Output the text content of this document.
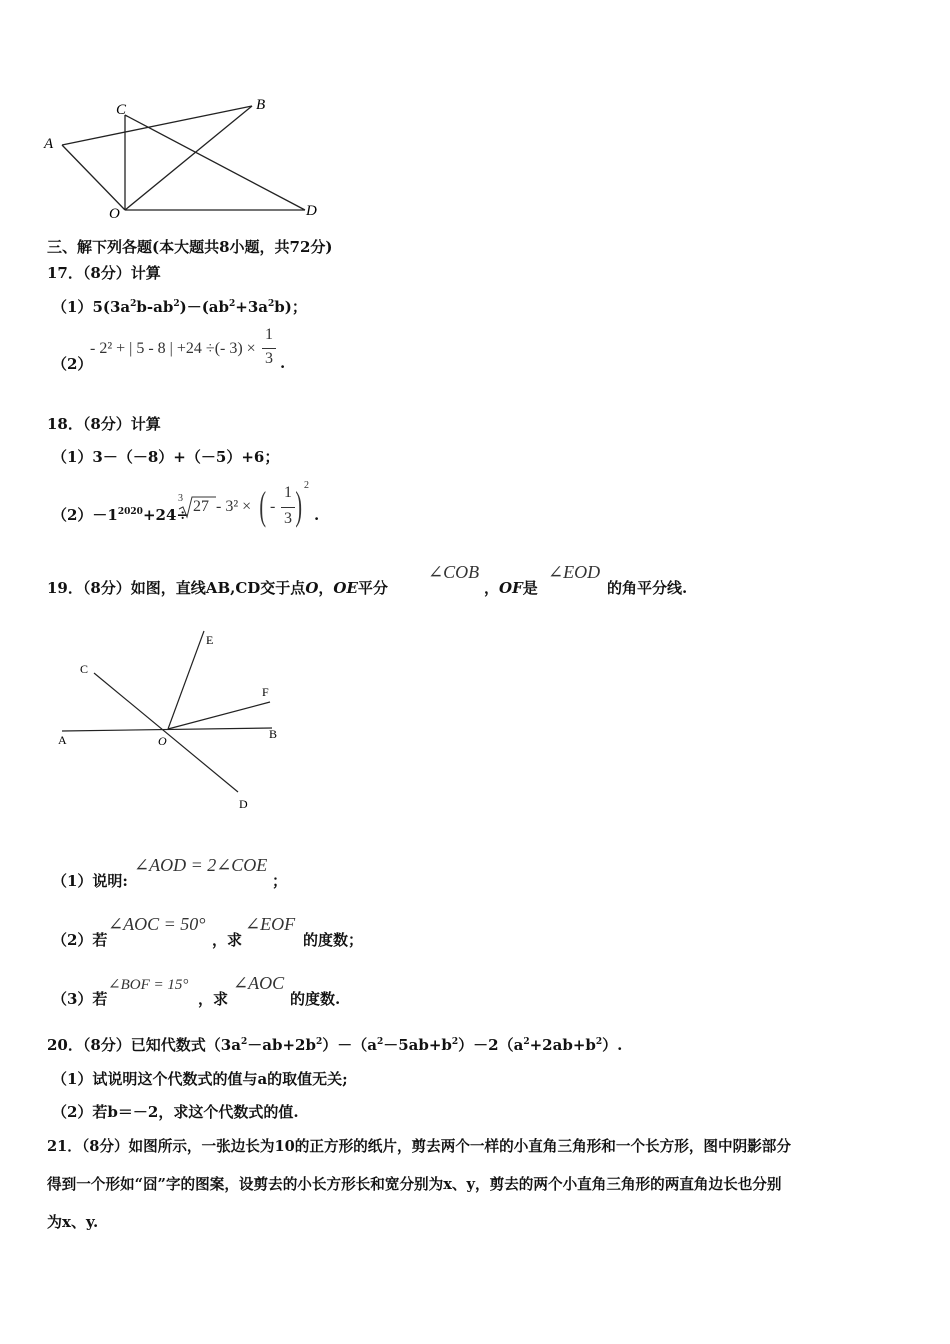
A
C	B
O	D
三、解下列各题(本大题共8小题，共72分)
17．（8分）计算
$(1)5(3a^2b-ab^2)-(ab^2+3a^2b)$；
（2）
- 2² + | 5 - 8 | +24 ÷(- 3) ×
1
3 .
18．（8分）计算
（1）3－（－8）+（－5）+6；
$(2)-1^{2020}+24\div$
3 27 - 3² × ( -
1
3 ) 2
.
19．（8分）如图，直线AB,CD交于点O，OE平分
∠COB
，OF是
∠EOD
的角平分线.
A	O	B
C
E
F
D
（1）说明:
∠AOD = 2∠COE
；
（2）若
∠AOC = 50°
，求
∠EOF
的度数；
（3）若
∠BOF = 15°
，求
∠AOC
的度数.
20．（8分）已知代数式$(3a^2-ab+2b^2)-(a^2-5ab+b^2)-2(a^2+2ab+b^2)$.
（1）试说明这个代数式的值与a的取值无关;
（2）若b＝－2，求这个代数式的值.
21．（8分）如图所示，一张边长为10的正方形的纸片，剪去两个一样的小直角三角形和一个长方形，图中阴影部分
得到一个形如“囧”字的图案，设剪去的小长方形长和宽分别为x、y，剪去的两个小直角三角形的两直角边长也分别
为x、y.
